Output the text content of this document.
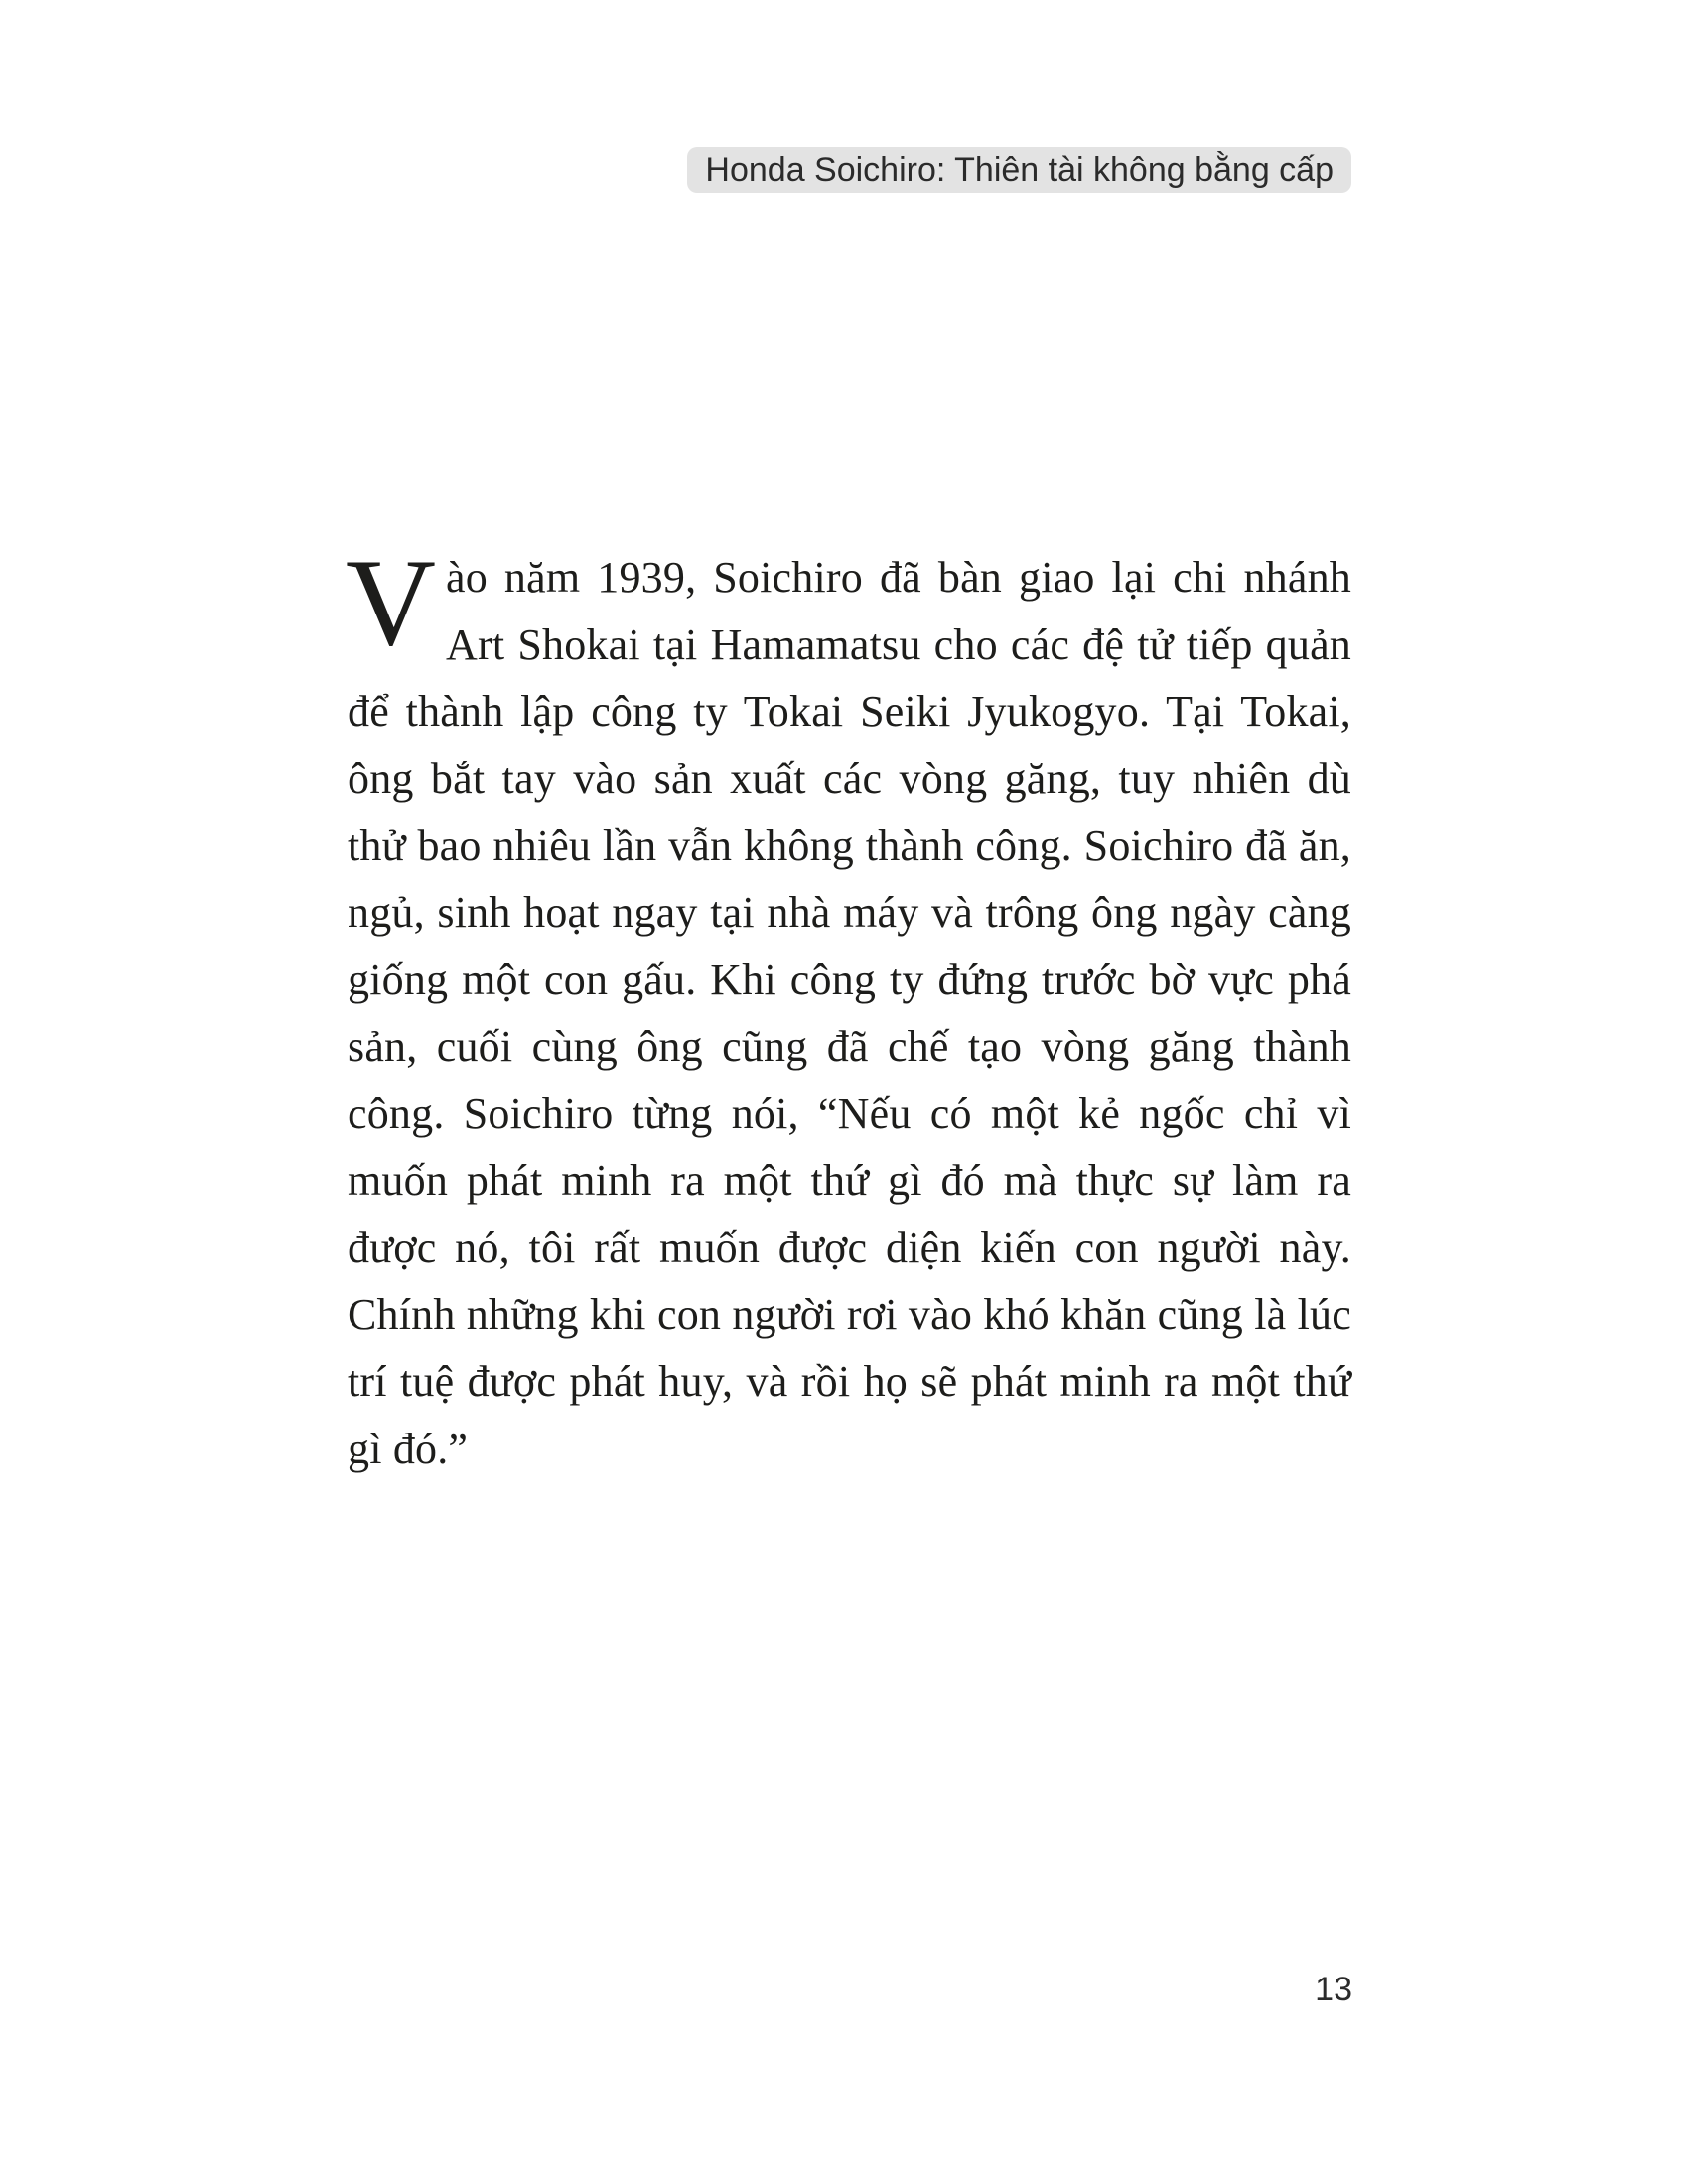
Honda Soichiro: Thiên tài không bằng cấp
V ào năm 1939, Soichiro đã bàn giao lại chi nhánh Art Shokai tại Hamamatsu cho các đệ tử tiếp quản để thành lập công ty Tokai Seiki Jyukogyo. Tại Tokai, ông bắt tay vào sản xuất các vòng găng, tuy nhiên dù thử bao nhiêu lần vẫn không thành công. Soichiro đã ăn, ngủ, sinh hoạt ngay tại nhà máy và trông ông ngày càng giống một con gấu. Khi công ty đứng trước bờ vực phá sản, cuối cùng ông cũng đã chế tạo vòng găng thành công. Soichiro từng nói, “Nếu có một kẻ ngốc chỉ vì muốn phát minh ra một thứ gì đó mà thực sự làm ra được nó, tôi rất muốn được diện kiến con người này. Chính những khi con người rơi vào khó khăn cũng là lúc trí tuệ được phát huy, và rồi họ sẽ phát minh ra một thứ gì đó.”

13
